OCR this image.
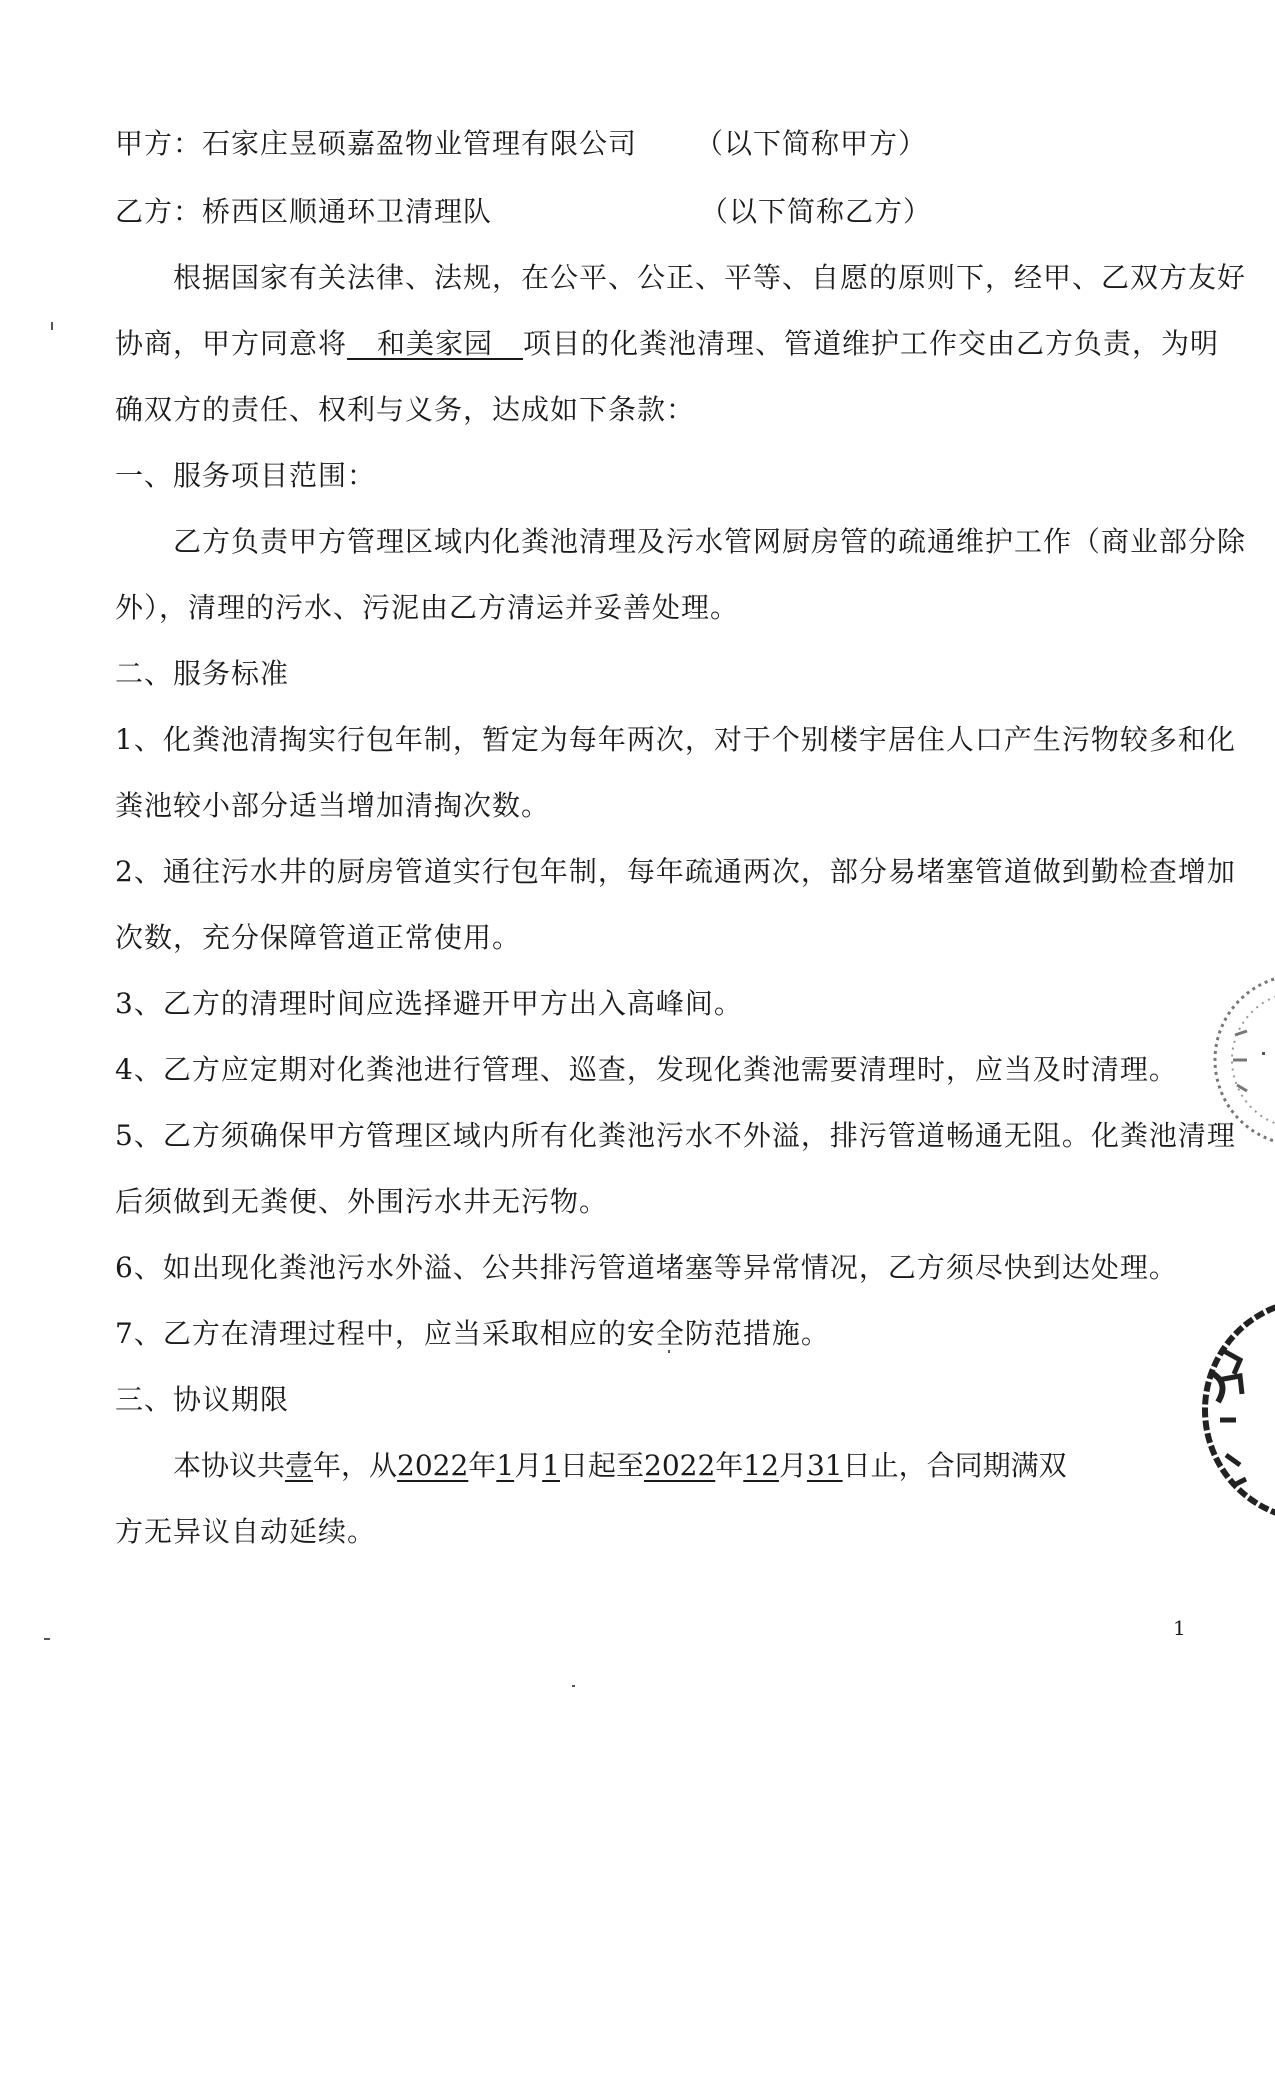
甲方：石家庄昱硕嘉盈物业管理有限公司	（以下简称甲方）
乙方：桥西区顺通环卫清理队	（以下简称乙方）
根据国家有关法律、法规，在公平、公正、平等、自愿的原则下，经甲、乙双方友好
协商，甲方同意将__和美家园__项目的化粪池清理、管道维护工作交由乙方负责，为明
确双方的责任、权利与义务，达成如下条款：
一、服务项目范围：
乙方负责甲方管理区域内化粪池清理及污水管网厨房管的疏通维护工作（商业部分除
外），清理的污水、污泥由乙方清运并妥善处理。
二、服务标准
1、化粪池清掏实行包年制，暂定为每年两次，对于个别楼宇居住人口产生污物较多和化
粪池较小部分适当增加清掏次数。
2、通往污水井的厨房管道实行包年制，每年疏通两次，部分易堵塞管道做到勤检查增加
次数，充分保障管道正常使用。
3、乙方的清理时间应选择避开甲方出入高峰间。
4、乙方应定期对化粪池进行管理、巡查，发现化粪池需要清理时，应当及时清理。
5、乙方须确保甲方管理区域内所有化粪池污水不外溢，排污管道畅通无阻。化粪池清理
后须做到无粪便、外围污水井无污物。
6、如出现化粪池污水外溢、公共排污管道堵塞等异常情况，乙方须尽快到达处理。
7、乙方在清理过程中，应当采取相应的安全防范措施。
三、协议期限
本协议共壹年，从2022年1月1日起至2022年12月31日止，合同期满双
方无异议自动延续。
1
